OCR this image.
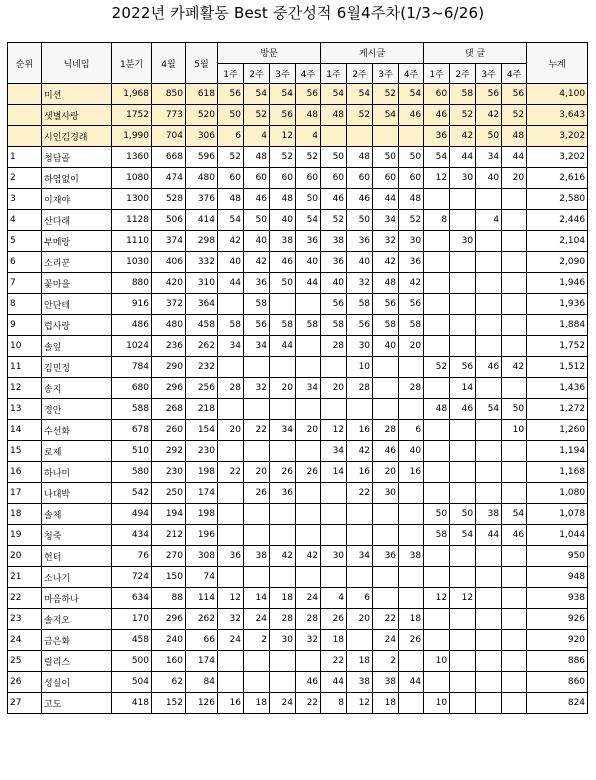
2022년 카페활동 Best 중간성적 6월4주차(1/3~6/26)
순위	닉네임	1분기	4월	5월	방문				게시글				댓 글				누계
					1주	2주	3주	4주	1주	2주	3주	4주	1주	2주	3주	4주	
	미션	1,968	850	618	56	54	54	56	54	54	52	54	60	58	56	56	4,100
	샛별사랑	1752	773	520	50	52	56	48	48	52	54	46	46	52	42	52	3,643
	시인김경래	1,990	704	306	6	4	12	4					36	42	50	48	3,202
1	청담골	1360	668	596	52	48	52	52	50	48	50	50	54	44	34	44	3,202
2	하염없이	1080	474	480	60	60	60	60	60	60	60	60	12	30	40	20	2,616
3	이재야	1300	528	376	48	46	48	50	46	46	44	48					2,580
4	산다래	1128	506	414	54	50	40	54	52	50	34	52	8		4		2,446
5	부메랑	1110	374	298	42	40	38	36	38	36	32	30		30			2,104
6	소리꾼	1030	406	332	40	42	46	40	36	40	42	36					2,090
7	꽃마을	880	420	310	44	36	50	44	40	32	48	42					1,946
8	안단테	916	372	364		58			56	58	56	56					1,936
9	럽사랑	486	480	458	58	56	58	58	58	56	58	58					1,884
10	솔잎	1024	236	262	34	34	44		28	30	40	20					1,752
11	김민정	784	290	232						10			52	56	46	42	1,512
12	송지	680	296	256	28	32	20	34	20	28		28		14			1,436
13	정안	588	268	218									48	46	54	50	1,272
14	수선화	678	260	154	20	22	34	20	12	16	28	6				10	1,260
15	로제	510	292	230					34	42	46	40					1,194
16	하나미	580	230	198	22	20	26	26	14	16	20	16					1,168
17	나대박	542	250	174		26	36			22	30						1,080
18	솔체	494	194	198									50	50	38	54	1,078
19	청죽	434	212	196									58	54	44	46	1,044
20	헌터	76	270	308	36	38	42	42	30	34	36	38					950
21	소나기	724	150	74													948
22	마음하나	634	88	114	12	14	18	24	4	6			12	12			938
23	솔지오	170	296	262	32	24	28	28	26	20	22	18					926
24	금은화	458	240	66	24	2	30	32	18		24	26					920
25	릴리스	500	160	174					22	18	2		10				886
26	성실이	504	62	84				46	44	38	38	44					860
27	고도	418	152	126	16	18	24	22	8	12	18		10				824
